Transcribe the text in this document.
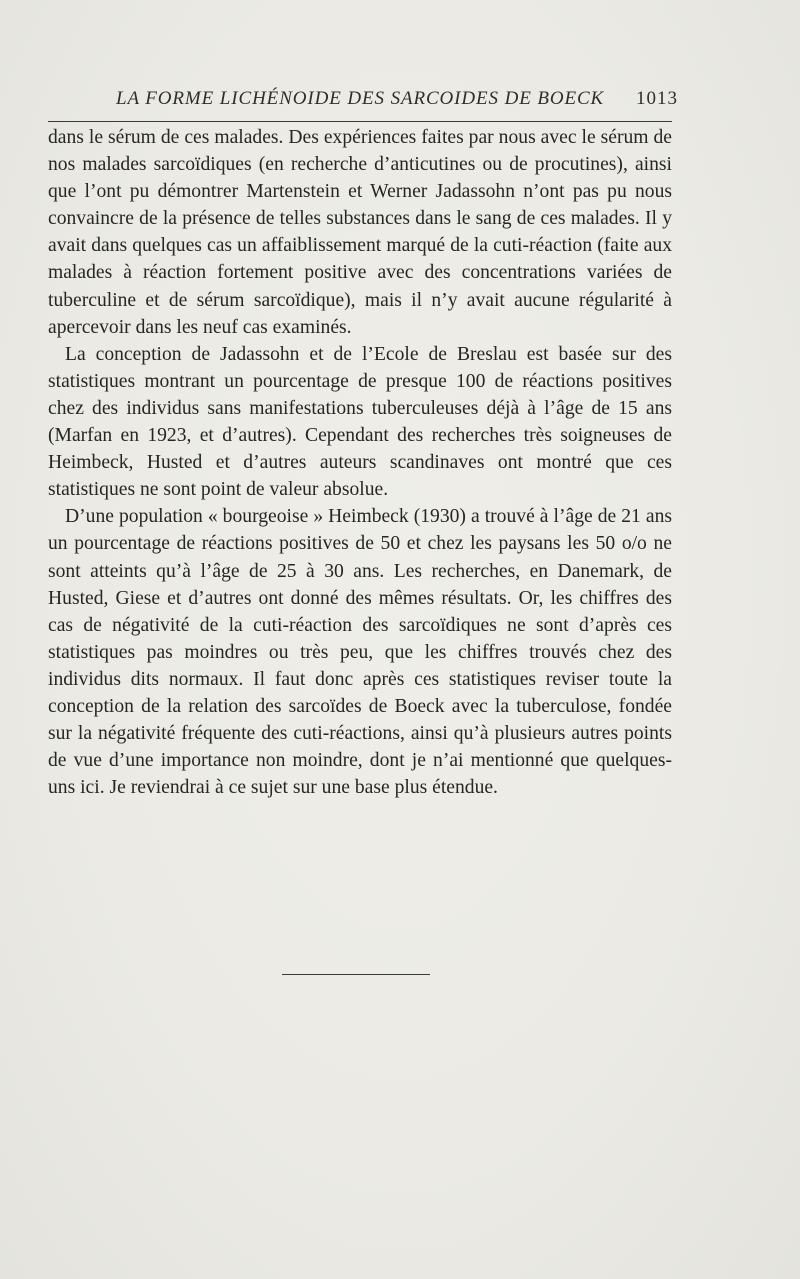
LA FORME LICHÉNOIDE DES SARCOIDES DE BOECK 1013

dans le sérum de ces malades. Des expériences faites par nous avec le sérum de nos malades sarcoïdiques (en recherche d’anticutines ou de procutines), ainsi que l’ont pu démontrer Martenstein et Werner Jadassohn n’ont pas pu nous convaincre de la présence de telles substances dans le sang de ces malades. Il y avait dans quelques cas un affaiblissement marqué de la cuti-réaction (faite aux malades à réaction fortement positive avec des concentrations variées de tuberculine et de sérum sarcoïdique), mais il n’y avait aucune régularité à apercevoir dans les neuf cas examinés.

La conception de Jadassohn et de l’Ecole de Breslau est basée sur des statistiques montrant un pourcentage de presque 100 de réactions positives chez des individus sans manifestations tuberculeuses déjà à l’âge de 15 ans (Marfan en 1923, et d’autres). Cependant des recherches très soigneuses de Heimbeck, Husted et d’autres auteurs scandinaves ont montré que ces statistiques ne sont point de valeur absolue.

D’une population « bourgeoise » Heimbeck (1930) a trouvé à l’âge de 21 ans un pourcentage de réactions positives de 50 et chez les paysans les 50 o/o ne sont atteints qu’à l’âge de 25 à 30 ans. Les recherches, en Danemark, de Husted, Giese et d’autres ont donné des mêmes résultats. Or, les chiffres des cas de négativité de la cuti-réaction des sarcoïdiques ne sont d’après ces statistiques pas moindres ou très peu, que les chiffres trouvés chez des individus dits normaux. Il faut donc après ces statistiques reviser toute la conception de la relation des sarcoïdes de Boeck avec la tuberculose, fondée sur la négativité fréquente des cuti-réactions, ainsi qu’à plusieurs autres points de vue d’une importance non moindre, dont je n’ai mentionné que quelques-uns ici. Je reviendrai à ce sujet sur une base plus étendue.
